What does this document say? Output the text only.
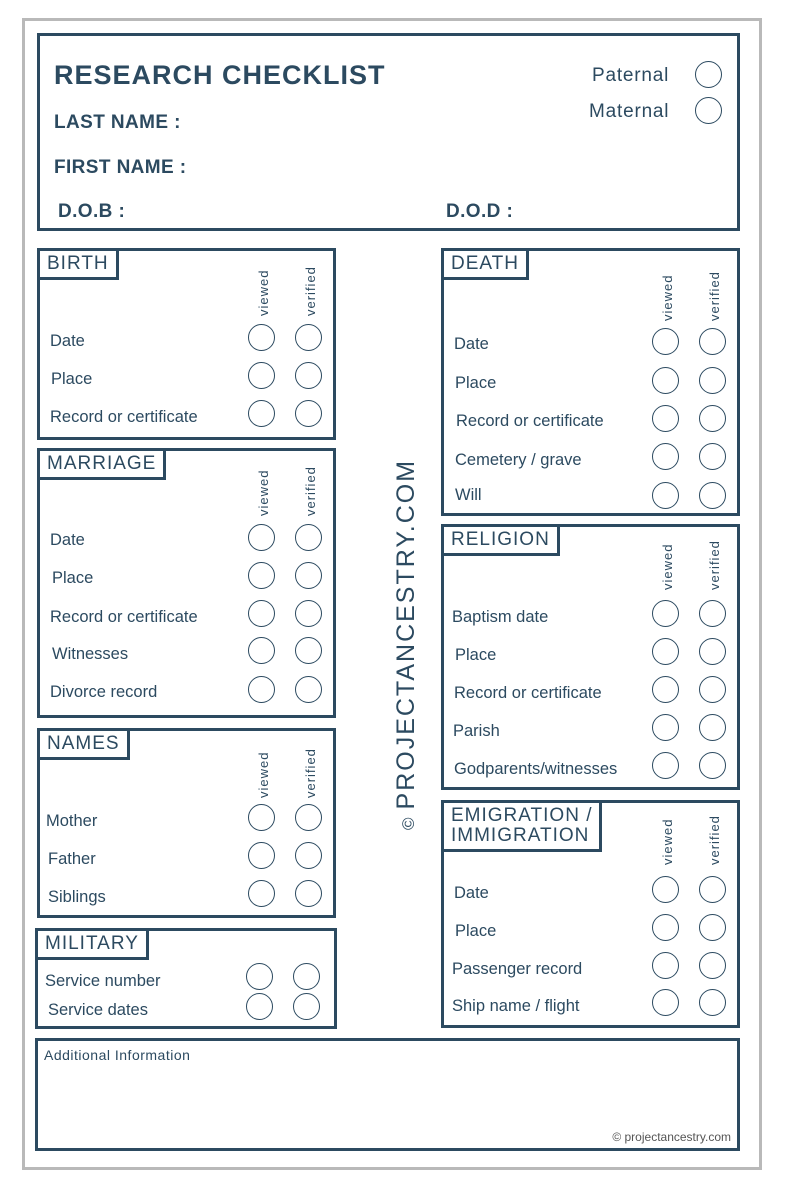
RESEARCH CHECKLIST
LAST NAME :
FIRST NAME :
D.O.B :	D.O.D :
Paternal
Maternal
BIRTH
viewed verified
Date
Place
Record or certificate
MARRIAGE
viewed verified
Date
Place
Record or certificate
Witnesses
Divorce record
NAMES
viewed verified
Mother
Father
Siblings
MILITARY
Service number
Service dates
©PROJECTANCESTRY.COM
DEATH
viewed verified
Date
Place
Record or certificate
Cemetery / grave
Will
RELIGION
viewed verified
Baptism date
Place
Record or certificate
Parish
Godparents/witnesses
EMIGRATION /
IMMIGRATION	viewed verified
Date
Place
Passenger record
Ship name / flight
Additional Information
© projectancestry.com
